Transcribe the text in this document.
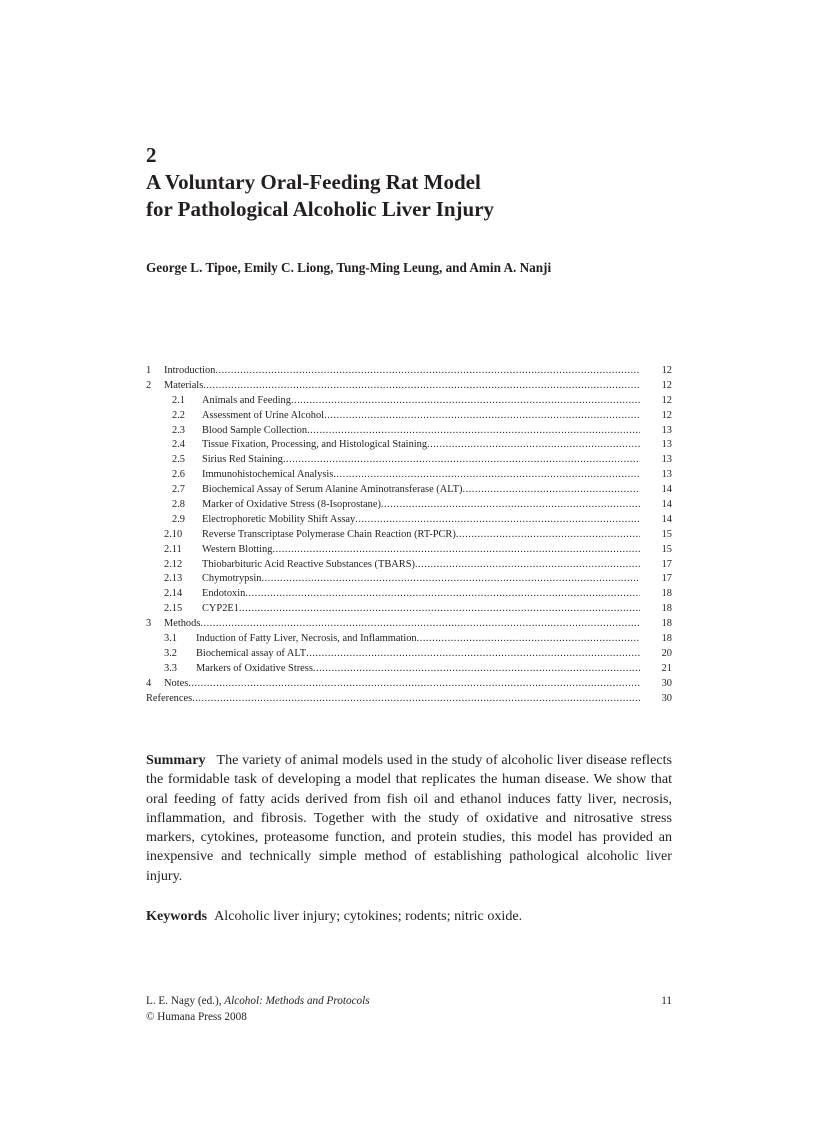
2
A Voluntary Oral-Feeding Rat Model
for Pathological Alcoholic Liver Injury
George L. Tipoe, Emily C. Liong, Tung-Ming Leung, and Amin A. Nanji
1	Introduction .....	12
2	Materials .....	12
2.1	Animals and Feeding .....	12
2.2	Assessment of Urine Alcohol .....	12
2.3	Blood Sample Collection .....	13
2.4	Tissue Fixation, Processing, and Histological Staining .....	13
2.5	Sirius Red Staining .....	13
2.6	Immunohistochemical Analysis .....	13
2.7	Biochemical Assay of Serum Alanine Aminotransferase (ALT) .....	14
2.8	Marker of Oxidative Stress (8-Isoprostane) .....	14
2.9	Electrophoretic Mobility Shift Assay .....	14
2.10	Reverse Transcriptase Polymerase Chain Reaction (RT-PCR) .....	15
2.11	Western Blotting .....	15
2.12	Thiobarbituric Acid Reactive Substances (TBARS) .....	17
2.13	Chymotrypsin .....	17
2.14	Endotoxin .....	18
2.15	CYP2E1 .....	18
3	Methods .....	18
3.1	Induction of Fatty Liver, Necrosis, and Inflammation .....	18
3.2	Biochemical assay of ALT .....	20
3.3	Markers of Oxidative Stress .....	21
4	Notes .....	30
References .....	30

Summary The variety of animal models used in the study of alcoholic liver disease reflects the formidable task of developing a model that replicates the human disease. We show that oral feeding of fatty acids derived from fish oil and ethanol induces fatty liver, necrosis, inflammation, and fibrosis. Together with the study of oxidative and nitrosative stress markers, cytokines, proteasome function, and protein studies, this model has provided an inexpensive and technically simple method of establishing pathological alcoholic liver injury.

Keywords Alcoholic liver injury; cytokines; rodents; nitric oxide.

L. E. Nagy (ed.), Alcohol: Methods and Protocols	11
© Humana Press 2008
